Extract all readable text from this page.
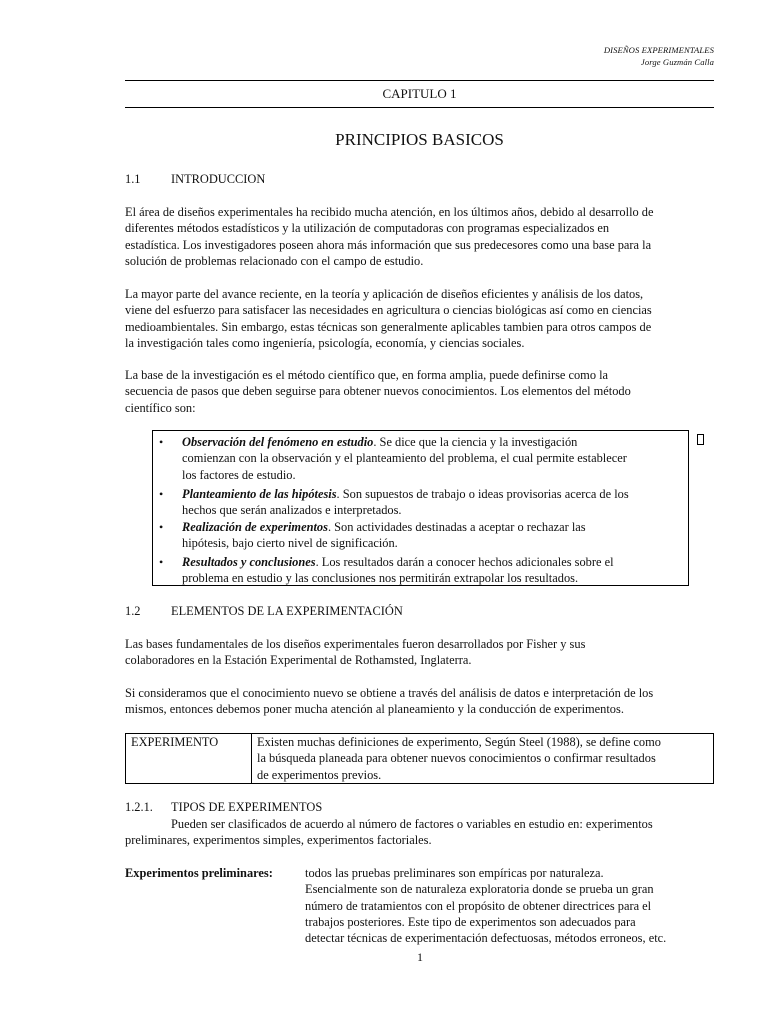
DISEÑOS EXPERIMENTALES
Jorge Guzmán Calla
CAPITULO 1
PRINCIPIOS BASICOS
1.1 INTRODUCCION
El área de diseños experimentales ha recibido mucha atención, en los últimos años, debido al desarrollo de
diferentes métodos estadísticos y la utilización de computadoras con programas especializados en
estadística. Los investigadores poseen ahora más información que sus predecesores como una base para la
solución de problemas relacionado con el campo de estudio.
La mayor parte del avance reciente, en la teoría y aplicación de diseños eficientes y análisis de los datos,
viene del esfuerzo para satisfacer las necesidades en agricultura o ciencias biológicas así como en ciencias
medioambientales. Sin embargo, estas técnicas son generalmente aplicables tambien para otros campos de
la investigación tales como ingeniería, psicología, economía, y ciencias sociales.
La base de la investigación es el método científico que, en forma amplia, puede definirse como la
secuencia de pasos que deben seguirse para obtener nuevos conocimientos. Los elementos del método
científico son:
• Observación del fenómeno en estudio. Se dice que la ciencia y la investigación
comienzan con la observación y el planteamiento del problema, el cual permite establecer
los factores de estudio.
• Planteamiento de las hipótesis. Son supuestos de trabajo o ideas provisorias acerca de los
hechos que serán analizados e interpretados.
• Realización de experimentos. Son actividades destinadas a aceptar o rechazar las
hipótesis, bajo cierto nivel de significación.
• Resultados y conclusiones. Los resultados darán a conocer hechos adicionales sobre el
problema en estudio y las conclusiones nos permitirán extrapolar los resultados.
1.2 ELEMENTOS DE LA EXPERIMENTACIÓN
Las bases fundamentales de los diseños experimentales fueron desarrollados por Fisher y sus
colaboradores en la Estación Experimental de Rothamsted, Inglaterra.
Si consideramos que el conocimiento nuevo se obtiene a través del análisis de datos e interpretación de los
mismos, entonces debemos poner mucha atención al planeamiento y la conducción de experimentos.
EXPERIMENTO	Existen muchas definiciones de experimento, Según Steel (1988), se define como
la búsqueda planeada para obtener nuevos conocimientos o confirmar resultados
de experimentos previos.
1.2.1. TIPOS DE EXPERIMENTOS
Pueden ser clasificados de acuerdo al número de factores o variables en estudio en: experimentos
preliminares, experimentos simples, experimentos factoriales.
Experimentos preliminares:	todos las pruebas preliminares son empíricas por naturaleza.
Esencialmente son de naturaleza exploratoria donde se prueba un gran
número de tratamientos con el propósito de obtener directrices para el
trabajos posteriores. Este tipo de experimentos son adecuados para
detectar técnicas de experimentación defectuosas, métodos erroneos, etc.
1
